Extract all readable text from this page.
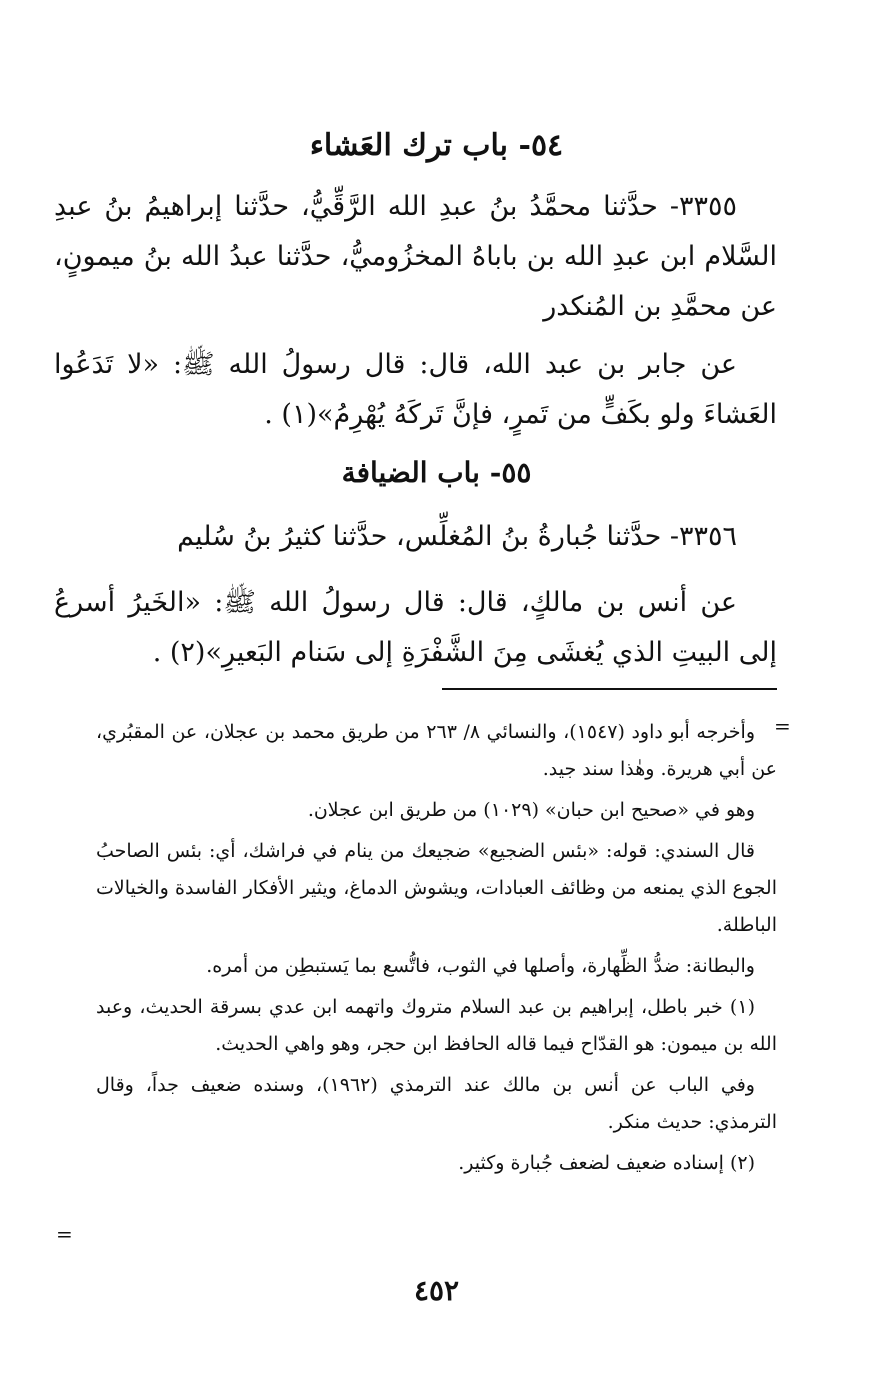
٥٤- باب ترك العَشاء

٣٣٥٥- حدَّثنا محمَّدُ بنُ عبدِ الله الرَّقِّيُّ، حدَّثنا إبراهيمُ بنُ عبدِ السَّلام ابن عبدِ الله بن باباهُ المخزُوميُّ، حدَّثنا عبدُ الله بنُ ميمونٍ، عن محمَّدِ بن المُنكدر

عن جابر بن عبد الله، قال: قال رسولُ الله ﷺ: «لا تَدَعُوا العَشاءَ ولو بكَفٍّ من تَمرٍ، فإنَّ تَركَهُ يُهْرِمُ»(١) .

٥٥- باب الضيافة

٣٣٥٦- حدَّثنا جُبارةُ بنُ المُغلِّس، حدَّثنا كثيرُ بنُ سُليم

عن أنس بن مالكٍ، قال: قال رسولُ الله ﷺ: «الخَيرُ أسرعُ إلى البيتِ الذي يُغشَى مِنَ الشَّفْرَةِ إلى سَنام البَعيرِ»(٢) .

=

وأخرجه أبو داود (١٥٤٧)، والنسائي ٨/ ٢٦٣ من طريق محمد بن عجلان، عن المقبُري، عن أبي هريرة. وهٰذا سند جيد.

وهو في «صحيح ابن حبان» (١٠٢٩) من طريق ابن عجلان.

قال السندي: قوله: «بئس الضجيع» ضجيعك من ينام في فراشك، أي: بئس الصاحبُ الجوع الذي يمنعه من وظائف العبادات، ويشوش الدماغ، ويثير الأفكار الفاسدة والخيالات الباطلة.

والبطانة: ضدُّ الظِّهارة، وأصلها في الثوب، فاتُّسع بما يَستبطِن من أمره.

(١) خبر باطل، إبراهيم بن عبد السلام متروك واتهمه ابن عدي بسرقة الحديث، وعبد الله بن ميمون: هو القدّاح فيما قاله الحافظ ابن حجر، وهو واهي الحديث.

وفي الباب عن أنس بن مالك عند الترمذي (١٩٦٢)، وسنده ضعيف جداً، وقال الترمذي: حديث منكر.

(٢) إسناده ضعيف لضعف جُبارة وكثير.

=
٤٥٢
